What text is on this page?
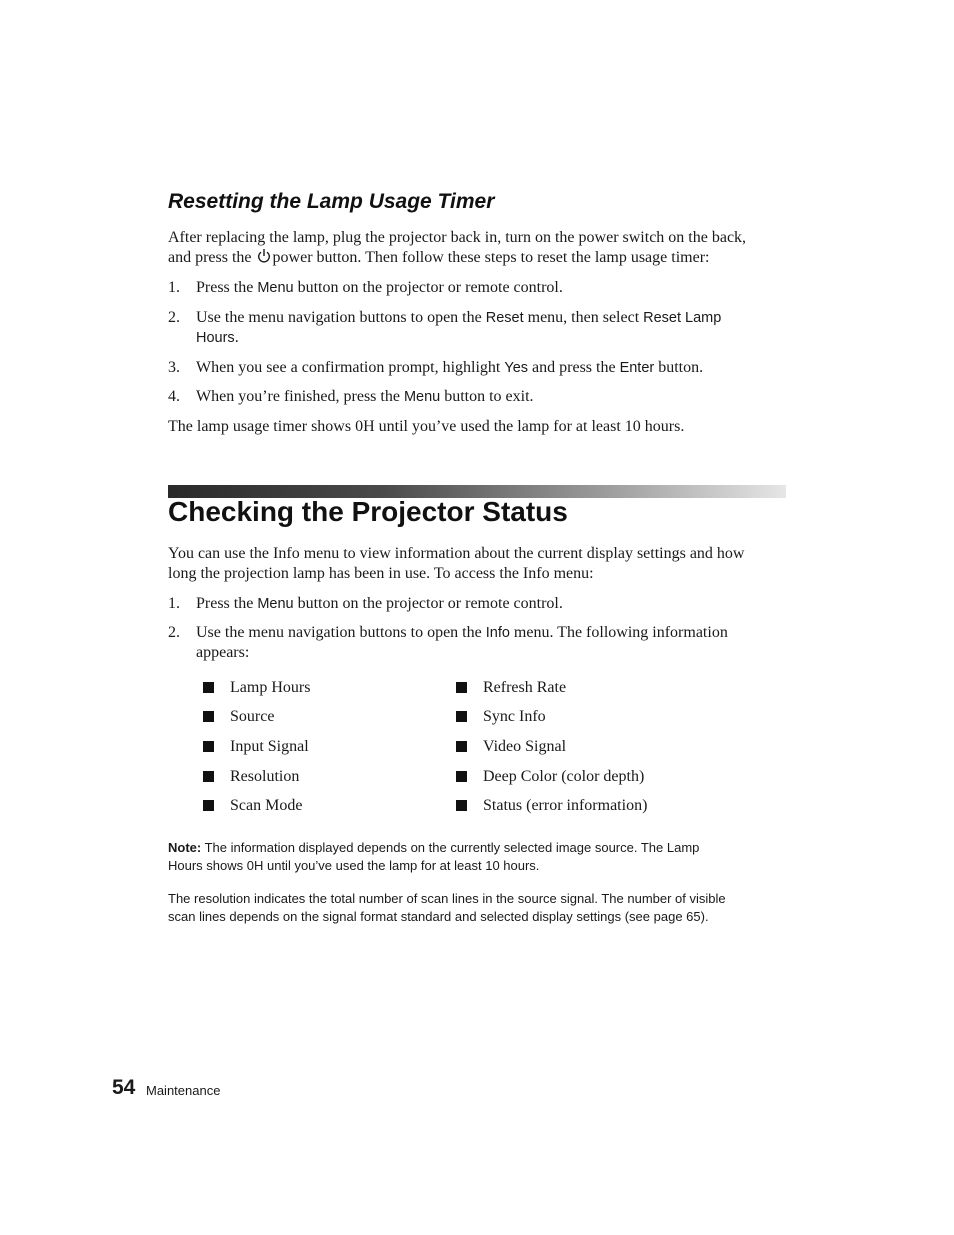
Resetting the Lamp Usage Timer
After replacing the lamp, plug the projector back in, turn on the power switch on the back,
and press the power button. Then follow these steps to reset the lamp usage timer:
1. Press the Menu button on the projector or remote control.
2. Use the menu navigation buttons to open the Reset menu, then select Reset Lamp
Hours.
3. When you see a confirmation prompt, highlight Yes and press the Enter button.
4. When you’re finished, press the Menu button to exit.
The lamp usage timer shows 0H until you’ve used the lamp for at least 10 hours.
Checking the Projector Status
You can use the Info menu to view information about the current display settings and how
long the projection lamp has been in use. To access the Info menu:
1. Press the Menu button on the projector or remote control.
2. Use the menu navigation buttons to open the Info menu. The following information
appears:
Lamp Hours
Source
Input Signal
Resolution
Scan Mode
Refresh Rate
Sync Info
Video Signal
Deep Color (color depth)
Status (error information)
Note: The information displayed depends on the currently selected image source. The Lamp
Hours shows 0H until you’ve used the lamp for at least 10 hours.
The resolution indicates the total number of scan lines in the source signal. The number of visible
scan lines depends on the signal format standard and selected display settings (see page 65).
54 Maintenance
